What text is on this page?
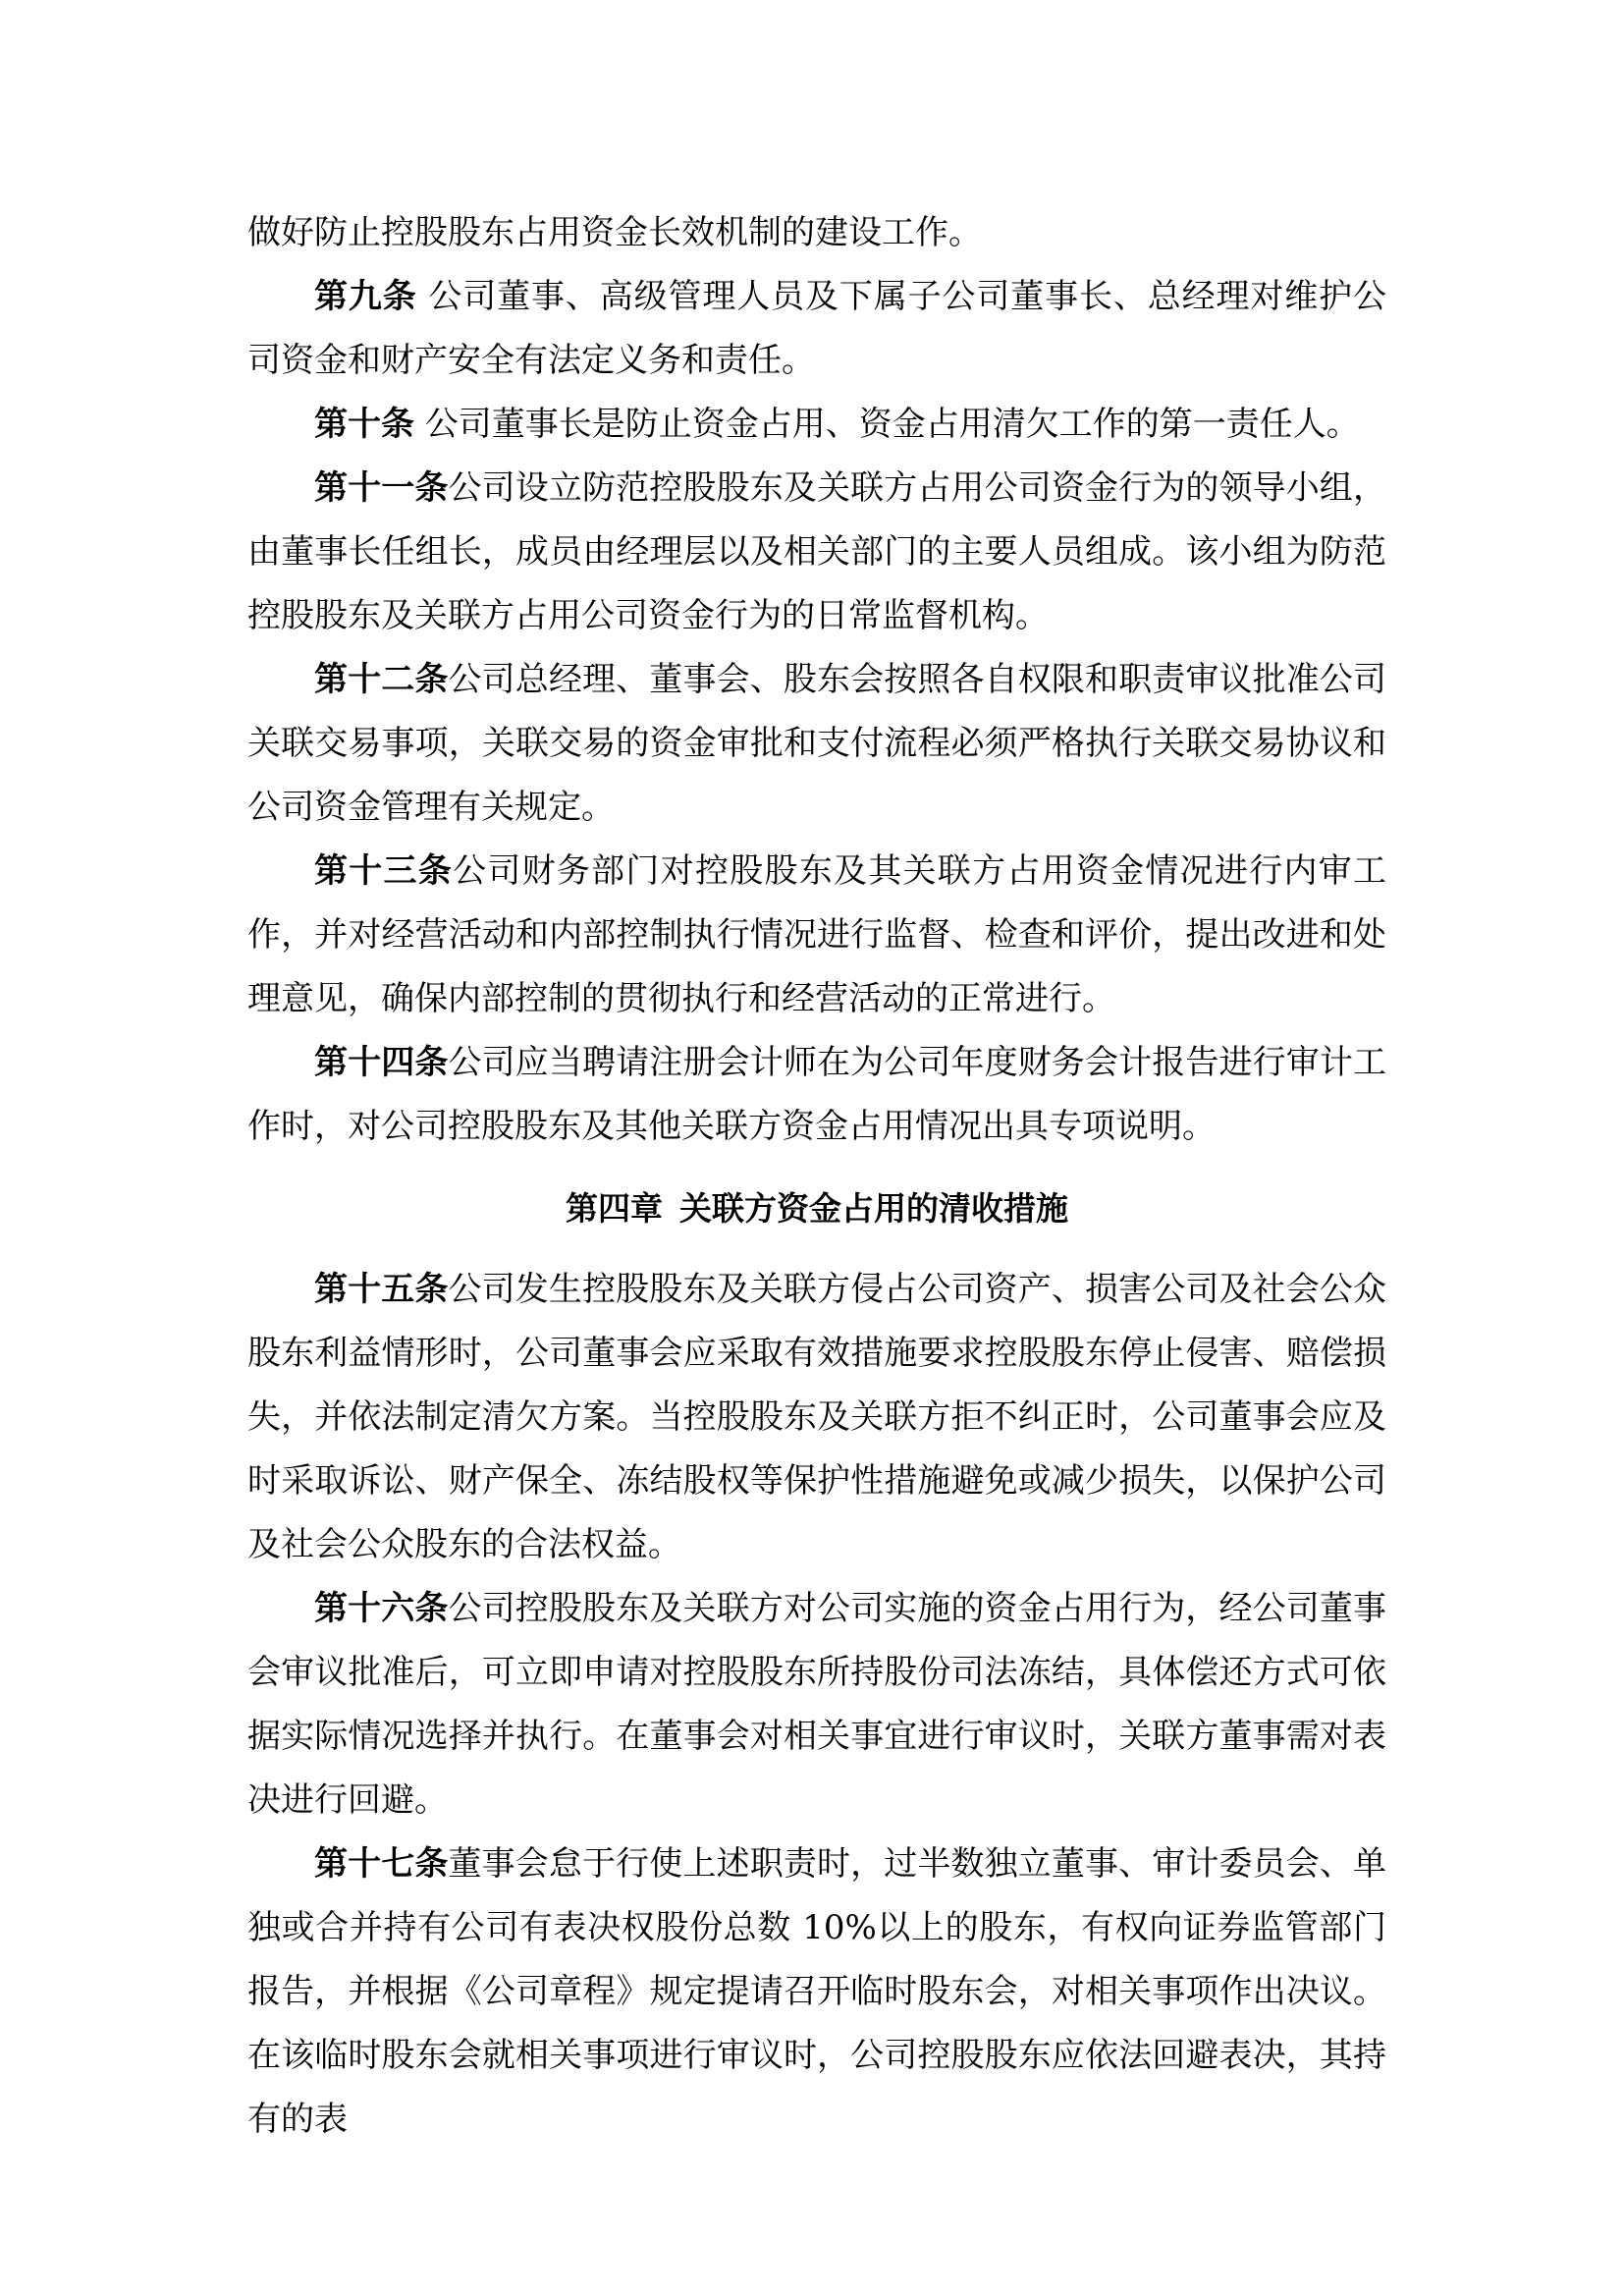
做好防止控股股东占用资金长效机制的建设工作。

第九条 公司董事、高级管理人员及下属子公司董事长、总经理对维护公司资金和财产安全有法定义务和责任。

第十条 公司董事长是防止资金占用、资金占用清欠工作的第一责任人。

第十一条公司设立防范控股股东及关联方占用公司资金行为的领导小组，由董事长任组长，成员由经理层以及相关部门的主要人员组成。该小组为防范控股股东及关联方占用公司资金行为的日常监督机构。

第十二条公司总经理、董事会、股东会按照各自权限和职责审议批准公司关联交易事项，关联交易的资金审批和支付流程必须严格执行关联交易协议和公司资金管理有关规定。

第十三条公司财务部门对控股股东及其关联方占用资金情况进行内审工作，并对经营活动和内部控制执行情况进行监督、检查和评价，提出改进和处理意见，确保内部控制的贯彻执行和经营活动的正常进行。

第十四条公司应当聘请注册会计师在为公司年度财务会计报告进行审计工作时，对公司控股股东及其他关联方资金占用情况出具专项说明。

第四章 关联方资金占用的清收措施

第十五条公司发生控股股东及关联方侵占公司资产、损害公司及社会公众股东利益情形时，公司董事会应采取有效措施要求控股股东停止侵害、赔偿损失，并依法制定清欠方案。当控股股东及关联方拒不纠正时，公司董事会应及时采取诉讼、财产保全、冻结股权等保护性措施避免或减少损失，以保护公司及社会公众股东的合法权益。

第十六条公司控股股东及关联方对公司实施的资金占用行为，经公司董事会审议批准后，可立即申请对控股股东所持股份司法冻结，具体偿还方式可依据实际情况选择并执行。在董事会对相关事宜进行审议时，关联方董事需对表决进行回避。

第十七条董事会怠于行使上述职责时，过半数独立董事、审计委员会、单独或合并持有公司有表决权股份总数 10%以上的股东，有权向证券监管部门报告，并根据《公司章程》规定提请召开临时股东会，对相关事项作出决议。在该临时股东会就相关事项进行审议时，公司控股股东应依法回避表决，其持有的表
